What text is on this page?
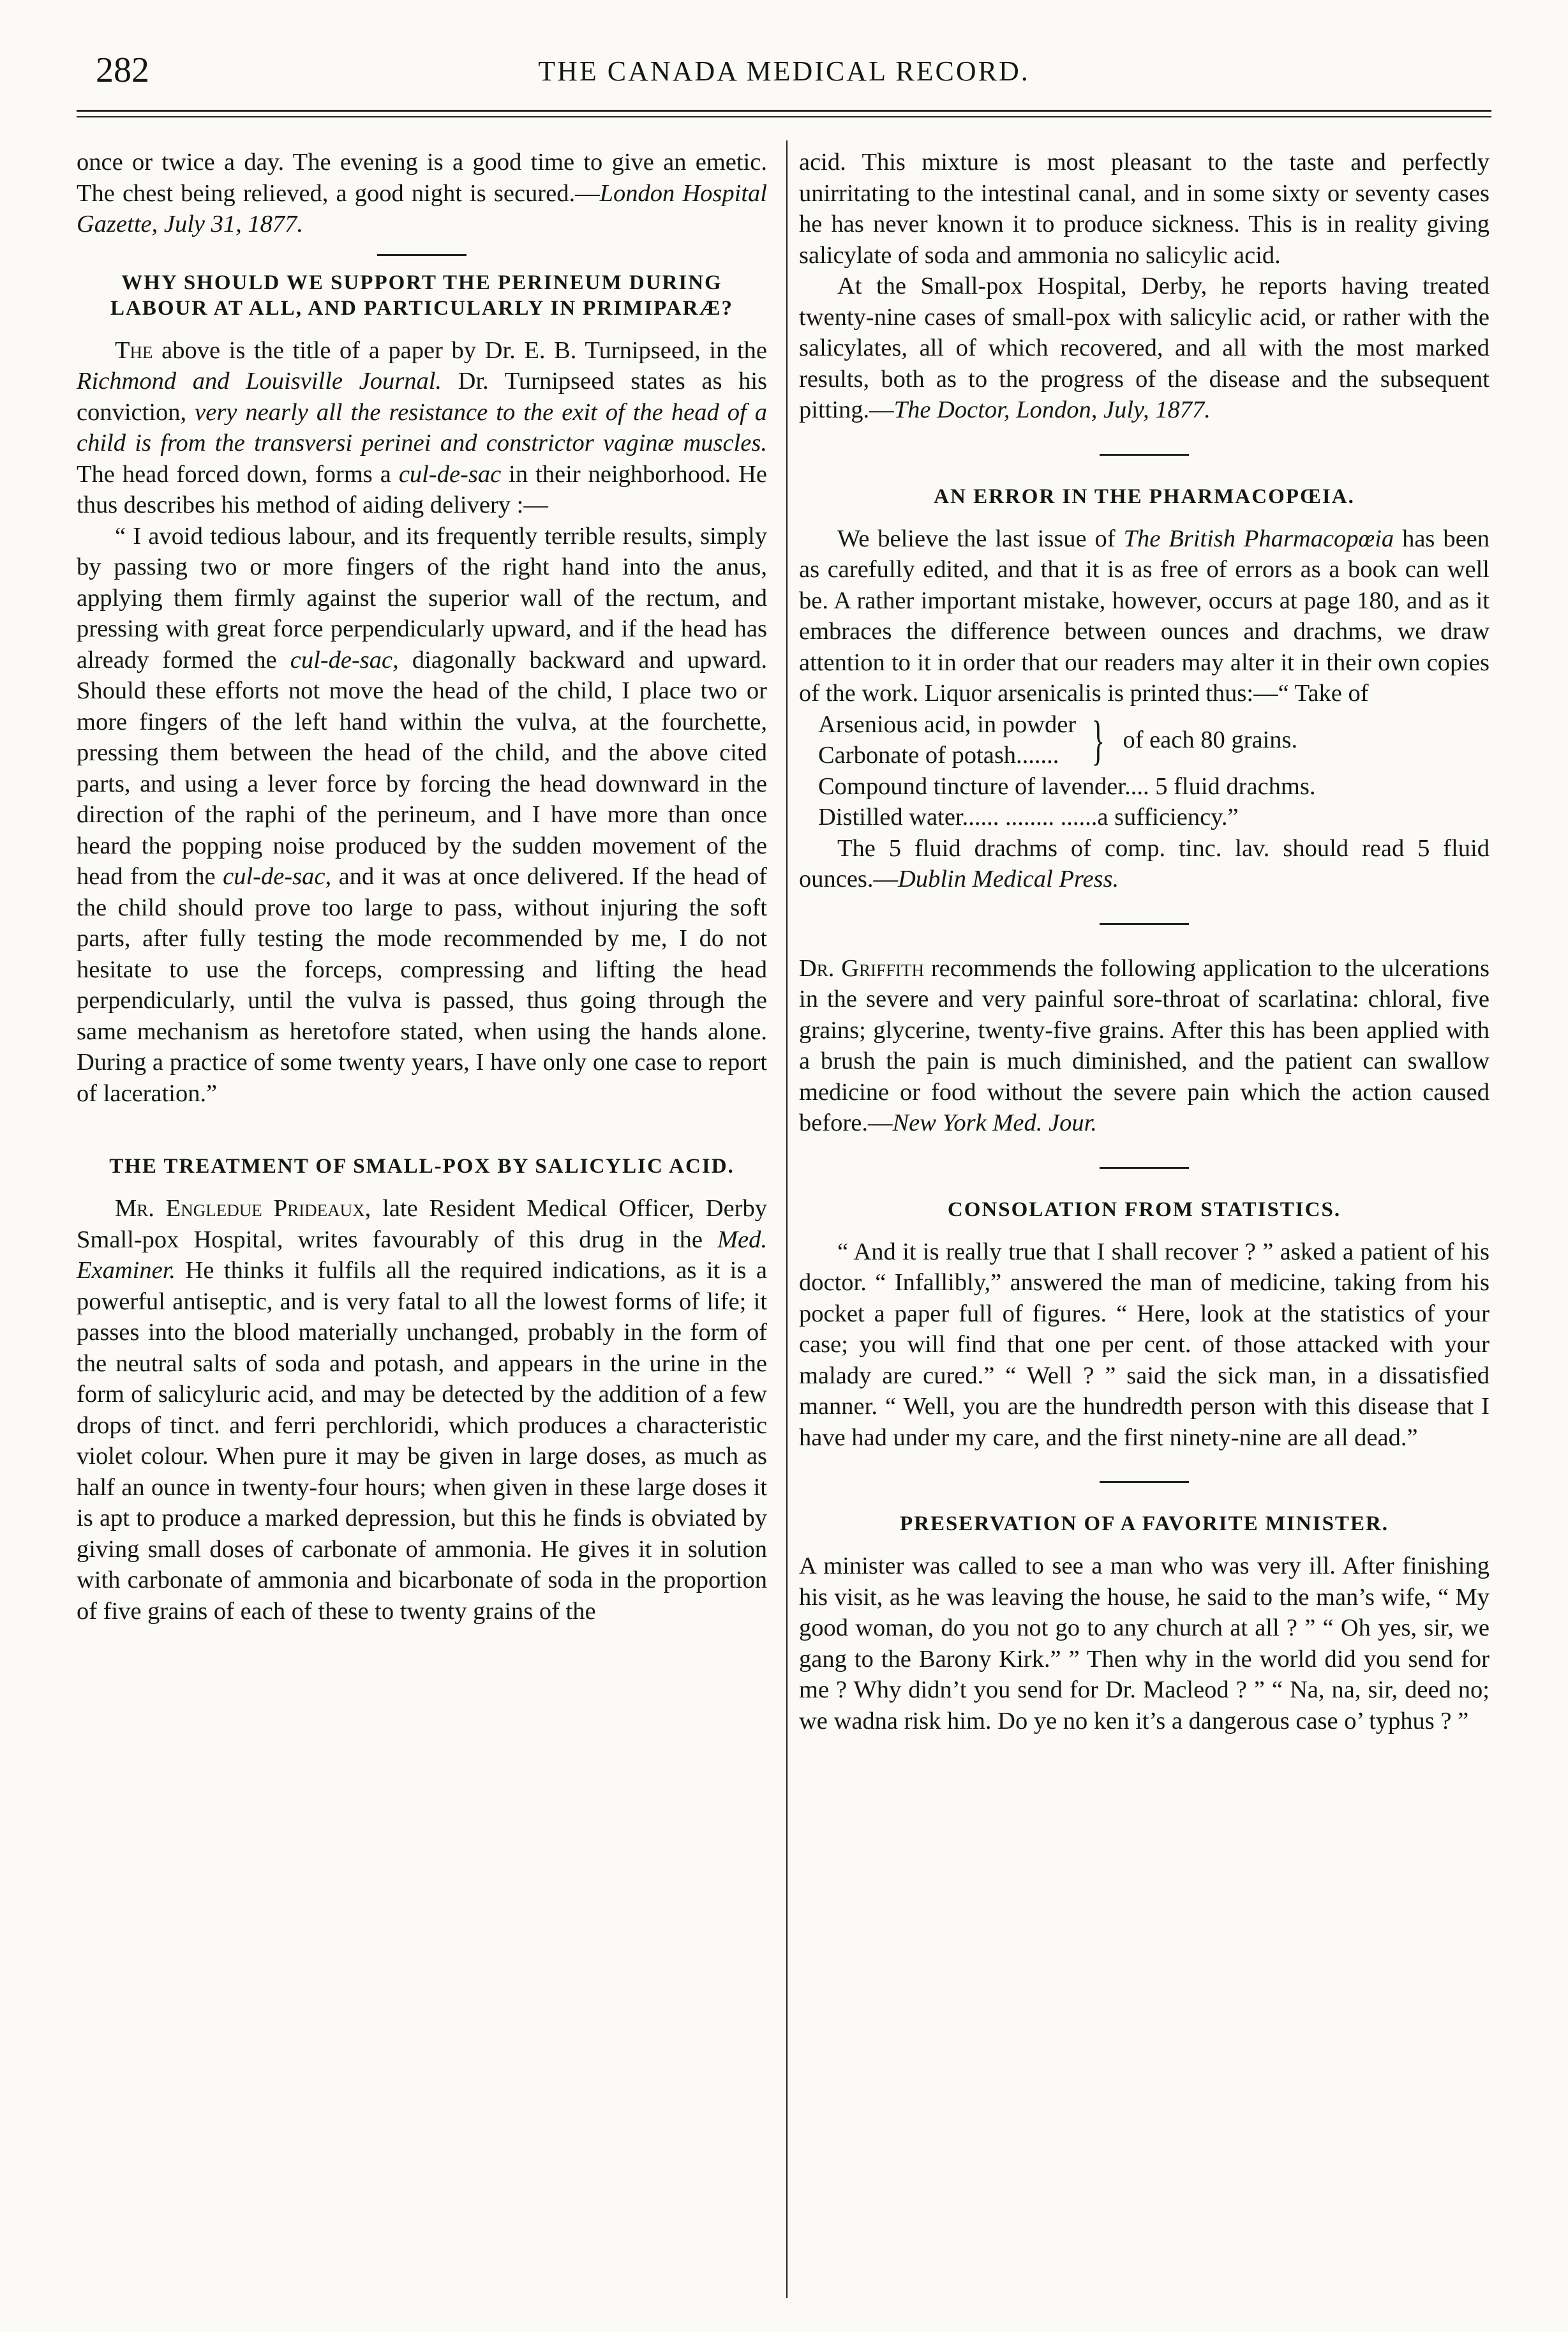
282	THE CANADA MEDICAL RECORD.

once or twice a day. The evening is a good time to give an emetic. The chest being relieved, a good night is secured.—London Hospital Gazette, July 31, 1877.

WHY SHOULD WE SUPPORT THE PERINEUM DURING LABOUR AT ALL, AND PARTICULARLY IN PRIMIPARÆ?

The above is the title of a paper by Dr. E. B. Turnipseed, in the Richmond and Louisville Journal. Dr. Turnipseed states as his conviction, very nearly all the resistance to the exit of the head of a child is from the transversi perinei and constrictor vaginæ muscles. The head forced down, forms a cul-de-sac in their neighborhood. He thus describes his method of aiding delivery :—

“ I avoid tedious labour, and its frequently terrible results, simply by passing two or more fingers of the right hand into the anus, applying them firmly against the superior wall of the rectum, and pressing with great force perpendicularly upward, and if the head has already formed the cul-de-sac, diagonally backward and upward. Should these efforts not move the head of the child, I place two or more fingers of the left hand within the vulva, at the fourchette, pressing them between the head of the child, and the above cited parts, and using a lever force by forcing the head downward in the direction of the raphi of the perineum, and I have more than once heard the popping noise produced by the sudden movement of the head from the cul-de-sac, and it was at once delivered. If the head of the child should prove too large to pass, without injuring the soft parts, after fully testing the mode recommended by me, I do not hesitate to use the forceps, compressing and lifting the head perpendicularly, until the vulva is passed, thus going through the same mechanism as heretofore stated, when using the hands alone. During a practice of some twenty years, I have only one case to report of laceration.”

THE TREATMENT OF SMALL-POX BY SALICYLIC ACID.

Mr. Engledue Prideaux, late Resident Medical Officer, Derby Small-pox Hospital, writes favourably of this drug in the Med. Examiner. He thinks it fulfils all the required indications, as it is a powerful antiseptic, and is very fatal to all the lowest forms of life; it passes into the blood materially unchanged, probably in the form of the neutral salts of soda and potash, and appears in the urine in the form of salicyluric acid, and may be detected by the addition of a few drops of tinct. and ferri perchloridi, which produces a characteristic violet colour. When pure it may be given in large doses, as much as half an ounce in twenty-four hours; when given in these large doses it is apt to produce a marked depression, but this he finds is obviated by giving small doses of carbonate of ammonia. He gives it in solution with carbonate of ammonia and bicarbonate of soda in the proportion of five grains of each of these to twenty grains of the

acid. This mixture is most pleasant to the taste and perfectly unirritating to the intestinal canal, and in some sixty or seventy cases he has never known it to produce sickness. This is in reality giving salicylate of soda and ammonia no salicylic acid.

At the Small-pox Hospital, Derby, he reports having treated twenty-nine cases of small-pox with salicylic acid, or rather with the salicylates, all of which recovered, and all with the most marked results, both as to the progress of the disease and the subsequent pitting.—The Doctor, London, July, 1877.

AN ERROR IN THE PHARMACOPŒIA.

We believe the last issue of The British Pharmacopœia has been as carefully edited, and that it is as free of errors as a book can well be. A rather important mistake, however, occurs at page 180, and as it embraces the difference between ounces and drachms, we draw attention to it in order that our readers may alter it in their own copies of the work. Liquor arsenicalis is printed thus:—“ Take of

Arsenious acid, in powder
Carbonate of potash....... } of each 80 grains.
Compound tincture of lavender.... 5 fluid drachms.
Distilled water...... ........ ......a sufficiency.”

The 5 fluid drachms of comp. tinc. lav. should read 5 fluid ounces.—Dublin Medical Press.

Dr. Griffith recommends the following application to the ulcerations in the severe and very painful sore-throat of scarlatina: chloral, five grains; glycerine, twenty-five grains. After this has been applied with a brush the pain is much diminished, and the patient can swallow medicine or food without the severe pain which the action caused before.—New York Med. Jour.

CONSOLATION FROM STATISTICS.

“ And it is really true that I shall recover ? ” asked a patient of his doctor. “ Infallibly,” answered the man of medicine, taking from his pocket a paper full of figures. “ Here, look at the statistics of your case; you will find that one per cent. of those attacked with your malady are cured.” “ Well ? ” said the sick man, in a dissatisfied manner. “ Well, you are the hundredth person with this disease that I have had under my care, and the first ninety-nine are all dead.”

PRESERVATION OF A FAVORITE MINISTER.

A minister was called to see a man who was very ill. After finishing his visit, as he was leaving the house, he said to the man’s wife, “ My good woman, do you not go to any church at all ? ” “ Oh yes, sir, we gang to the Barony Kirk.” ” Then why in the world did you send for me ? Why didn’t you send for Dr. Macleod ? ” “ Na, na, sir, deed no; we wadna risk him. Do ye no ken it’s a dangerous case o’ typhus ? ”
